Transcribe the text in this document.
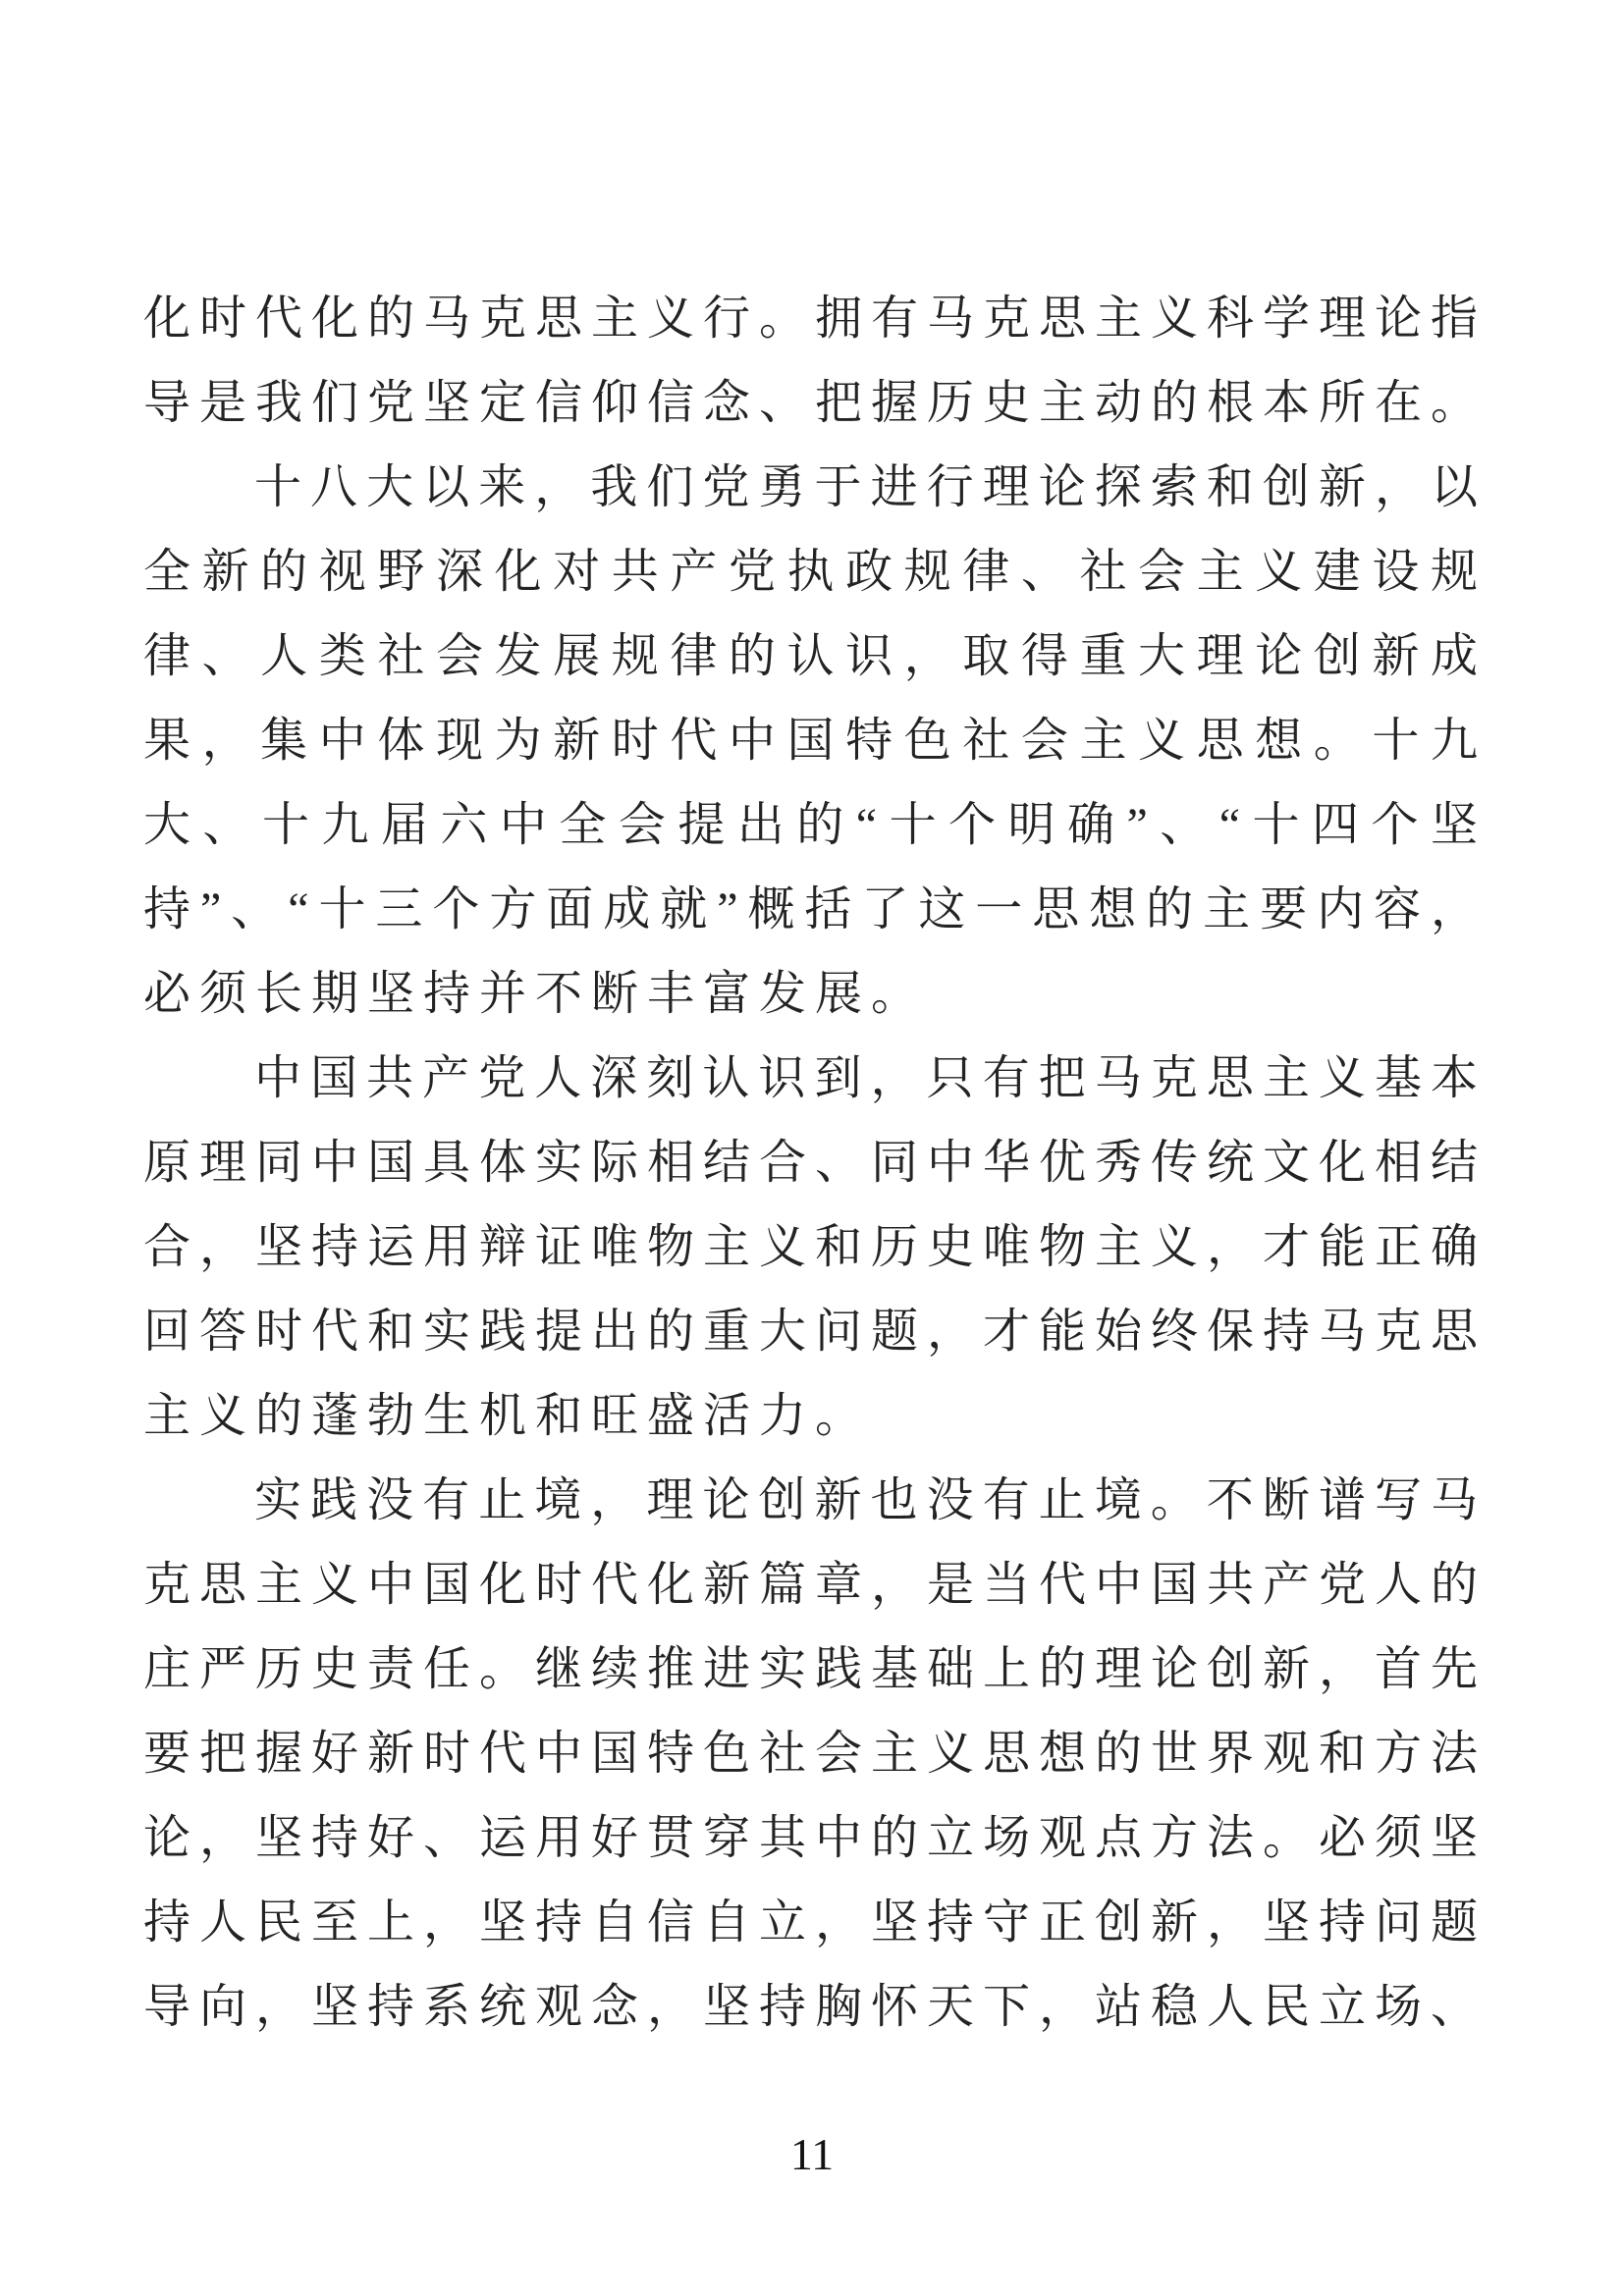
化时代化的马克思主义行。拥有马克思主义科学理论指导是我们党坚定信仰信念、把握历史主动的根本所在。

十八大以来，我们党勇于进行理论探索和创新，以全新的视野深化对共产党执政规律、社会主义建设规律、人类社会发展规律的认识，取得重大理论创新成果，集中体现为新时代中国特色社会主义思想。十九大、十九届六中全会提出的“十个明确”、“十四个坚持”、“十三个方面成就”概括了这一思想的主要内容，必须长期坚持并不断丰富发展。

中国共产党人深刻认识到，只有把马克思主义基本原理同中国具体实际相结合、同中华优秀传统文化相结合，坚持运用辩证唯物主义和历史唯物主义，才能正确回答时代和实践提出的重大问题，才能始终保持马克思主义的蓬勃生机和旺盛活力。

实践没有止境，理论创新也没有止境。不断谱写马克思主义中国化时代化新篇章，是当代中国共产党人的庄严历史责任。继续推进实践基础上的理论创新，首先要把握好新时代中国特色社会主义思想的世界观和方法论，坚持好、运用好贯穿其中的立场观点方法。必须坚持人民至上，坚持自信自立，坚持守正创新，坚持问题导向，坚持系统观念，坚持胸怀天下，站稳人民立场、

11
